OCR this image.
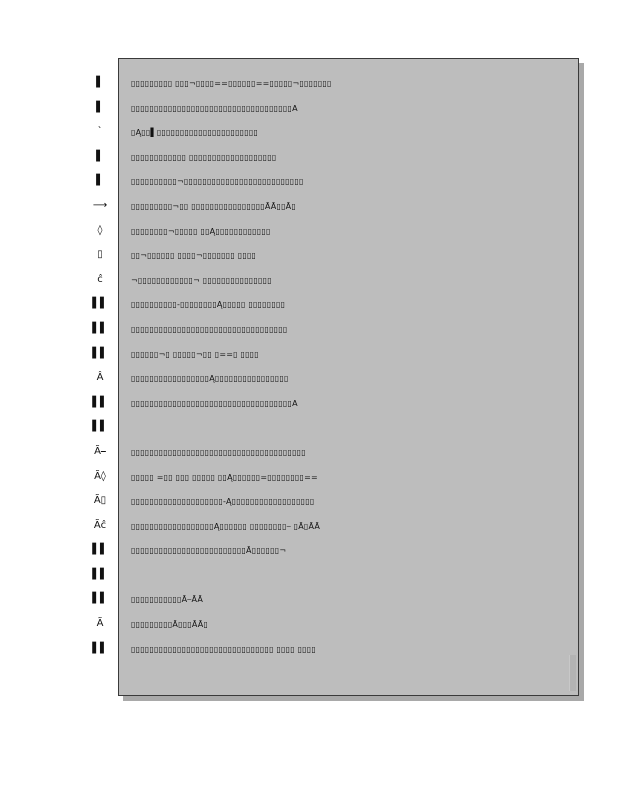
▌
▌
`
▌
▌
⟶
◊
▯
ĉ
▌▌
▌▌
▌▌
Â
▌▌
▌▌
Ã⎯
Ã◊
Ã▯
Ãĉ
▌▌
▌▌
▌▌
Ã
▌▌
▯▯▯▯▯▯▯▯▯ ▯▯▯¬▯▯▯▯==▯▯▯▯▯▯==▯▯▯▯▯¬▯▯▯▯▯▯▯
▯▯▯▯▯▯▯▯▯▯▯▯▯▯▯▯▯▯▯▯▯▯▯▯▯▯▯▯▯▯▯▯▯▯▯A
▯Ą▯▯▌▯▯▯▯▯▯▯▯▯▯▯▯▯▯▯▯▯▯▯▯▯▯
▯▯▯▯▯▯▯▯▯▯▯▯ ▯▯▯▯▯▯▯▯▯▯▯▯▯▯▯▯▯▯▯
▯▯▯▯▯▯▯▯▯▯¬▯▯▯▯▯▯▯▯▯▯▯▯▯▯▯▯▯▯▯▯▯▯▯▯▯▯
▯▯▯▯▯▯▯▯▯¬▯▯ ▯▯▯▯▯▯▯▯▯▯▯▯▯▯▯▯ĀĀ▯▯Ā▯
▯▯▯▯▯▯▯▯¬▯▯▯▯▯ ▯▯Ą▯▯▯▯▯▯▯▯▯▯▯▯
▯▯¬▯▯▯▯▯▯ ▯▯▯▯¬▯▯▯▯▯▯▯ ▯▯▯▯
¬▯▯▯▯▯▯▯▯▯▯▯▯¬ ▯▯▯▯▯▯▯▯▯▯▯▯▯▯▯
▯▯▯▯▯▯▯▯▯▯-▯▯▯▯▯▯▯▯Ą▯▯▯▯▯ ▯▯▯▯▯▯▯▯
▯▯▯▯▯▯▯▯▯▯▯▯▯▯▯▯▯▯▯▯▯▯▯▯▯▯▯▯▯▯▯▯▯▯
▯▯▯▯▯▯¬▯ ▯▯▯▯▯¬▯▯ ▯==▯ ▯▯▯▯
▯▯▯▯▯▯▯▯▯▯▯▯▯▯▯▯▯Ą▯▯▯▯▯▯▯▯▯▯▯▯▯▯▯▯
▯▯▯▯▯▯▯▯▯▯▯▯▯▯▯▯▯▯▯▯▯▯▯▯▯▯▯▯▯▯▯▯▯▯▯A
▯▯▯▯▯▯▯▯▯▯▯▯▯▯▯▯▯▯▯▯▯▯▯▯▯▯▯▯▯▯▯▯▯▯▯▯▯▯
▯▯▯▯▯ =▯▯ ▯▯▯ ▯▯▯▯▯ ▯▯Ą▯▯▯▯▯▯=▯▯▯▯▯▯▯▯==
▯▯▯▯▯▯▯▯▯▯▯▯▯▯▯▯▯▯▯▯-Ą▯▯▯▯▯▯▯▯▯▯▯▯▯▯▯▯▯▯
▯▯▯▯▯▯▯▯▯▯▯▯▯▯▯▯▯▯Ą▯▯▯▯▯▯ ▯▯▯▯▯▯▯▯⎯ ▯Ā▯ĀĀ
▯▯▯▯▯▯▯▯▯▯▯▯▯▯▯▯▯▯▯▯▯▯▯▯▯Ā▯▯▯▯▯▯¬
▯▯▯▯▯▯▯▯▯▯▯Ā⎯ĀĀ
▯▯▯▯▯▯▯▯▯Ā▯▯▯ĀĀ▯
▯▯▯▯▯▯▯▯▯▯▯▯▯▯▯▯▯▯▯▯▯▯▯▯▯▯▯▯▯▯▯ ▯▯▯▯ ▯▯▯▯
